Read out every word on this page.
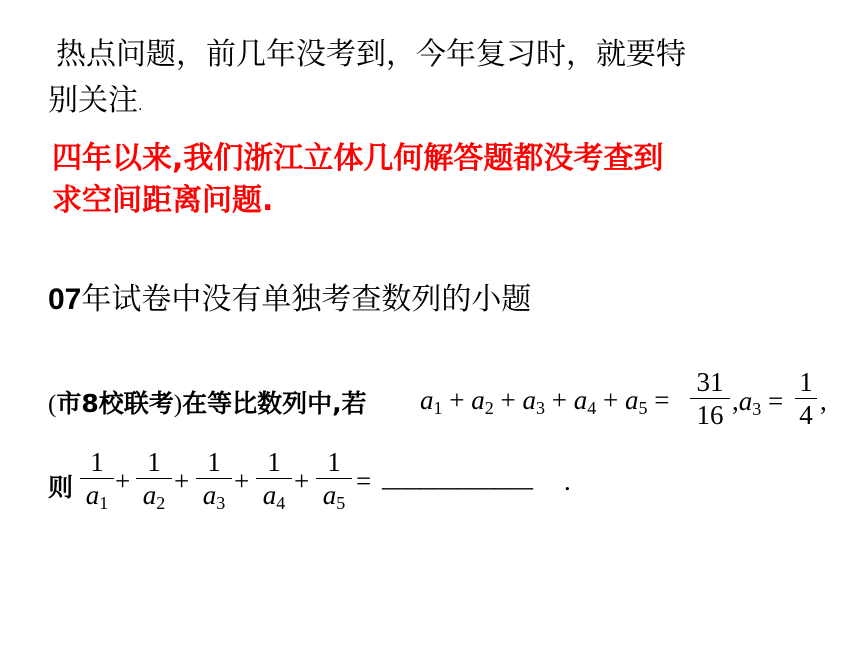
热点问题，前几年没考到，今年复习时，就要特
别关注.
四年以来,我们浙江立体几何解答题都没考查到
求空间距离问题.
07年试卷中没有单独考查数列的小题
(市8校联考)在等比数列中,若 $a_1 + a_2 + a_3 + a_4 + a_5$ =
31
16 $,a_3$ =
1
4 ,
则
1
$a_1$
+
1
$a_2$
+
1
$a_3$
+
1
$a_4$
+
1
$a_5$
= ____________ .
